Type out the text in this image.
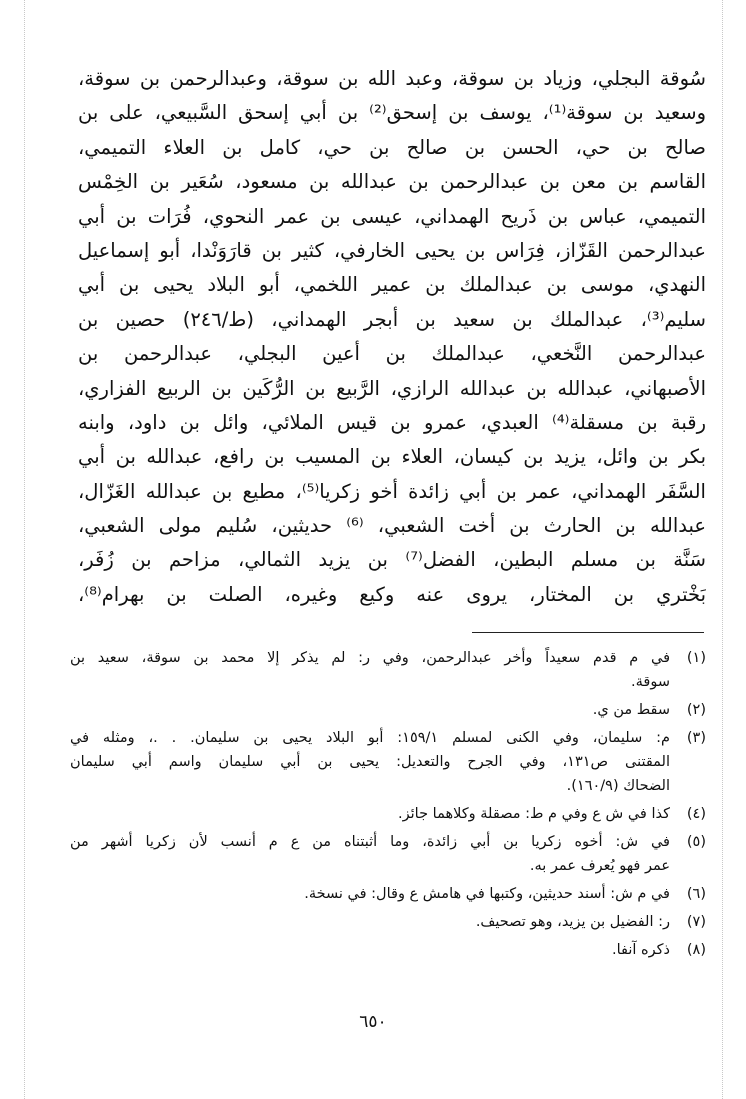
سُوقة البجلي، وزياد بن سوقة، وعبد الله بن سوقة، وعبدالرحمن بن سوقة،
وسعيد بن سوقة⁽¹⁾، يوسف بن إسحق⁽²⁾ بن أبي إسحق السَّبيعي، على بن
صالح بن حي، الحسن بن صالح بن حي، كامل بن العلاء التميمي،
القاسم بن معن بن عبدالرحمن بن عبدالله بن مسعود، سُعَير بن الخِمْس
التميمي، عباس بن ذَريح الهمداني، عيسى بن عمر النحوي، فُرَات بن أبي
عبدالرحمن القَزّاز، فِرَاس بن يحيى الخارفي، كثير بن قارَوَنْدا، أبو إسماعيل
النهدي، موسى بن عبدالملك بن عمير اللخمي، أبو البلاد يحيى بن أبي
سليم⁽³⁾، عبدالملك بن سعيد بن أبجر الهمداني، (ط/٢٤٦) حصين بن
عبدالرحمن النَّخعي، عبدالملك بن أعين البجلي، عبدالرحمن بن
الأصبهاني، عبدالله بن عبدالله الرازي، الرَّبيع بن الرُّكَين بن الربيع الفزاري،
رقبة بن مسقلة⁽⁴⁾ العبدي، عمرو بن قيس الملائي، وائل بن داود، وابنه
بكر بن وائل، يزيد بن كيسان، العلاء بن المسيب بن رافع، عبدالله بن أبي
السَّفَر الهمداني، عمر بن أبي زائدة أخو زكريا⁽⁵⁾، مطيع بن عبدالله الغَزّال،
عبدالله بن الحارث بن أخت الشعبي، ⁽⁶⁾ حديثين، سُليم مولى الشعبي،
سَنَّة بن مسلم البطين، الفضل⁽⁷⁾ بن يزيد الثمالي، مزاحم بن زُفَر،
بَخْتري بن المختار، يروى عنه وكيع وغيره، الصلت بن بهرام⁽⁸⁾،
(١)
في م قدم سعيداً وأخر عبدالرحمن، وفي ر: لم يذكر إلا محمد بن سوقة، سعيد بن
سوقة.
(٢)
سقط من ي.
(٣)
م: سليمان، وفي الكنى لمسلم ١٥٩/١: أبو البلاد يحيى بن سليمان. . .، ومثله في
المقتنى ص١٣١، وفي الجرح والتعديل: يحيى بن أبي سليمان واسم أبي سليمان
الضحاك (١٦٠/٩).
(٤)
كذا في ش ع وفي م ط: مصقلة وكلاهما جائز.
(٥)
في ش: أخوه زكريا بن أبي زائدة، وما أثبتناه من ع م أنسب لأن زكريا أشهر من
عمر فهو يُعرف عمر به.
(٦)
في م ش: أسند حديثين، وكتبها في هامش ع وقال: في نسخة.
(٧)
ر: الفضيل بن يزيد، وهو تصحيف.
(٨)
ذكره آنفا.
٦٥٠
